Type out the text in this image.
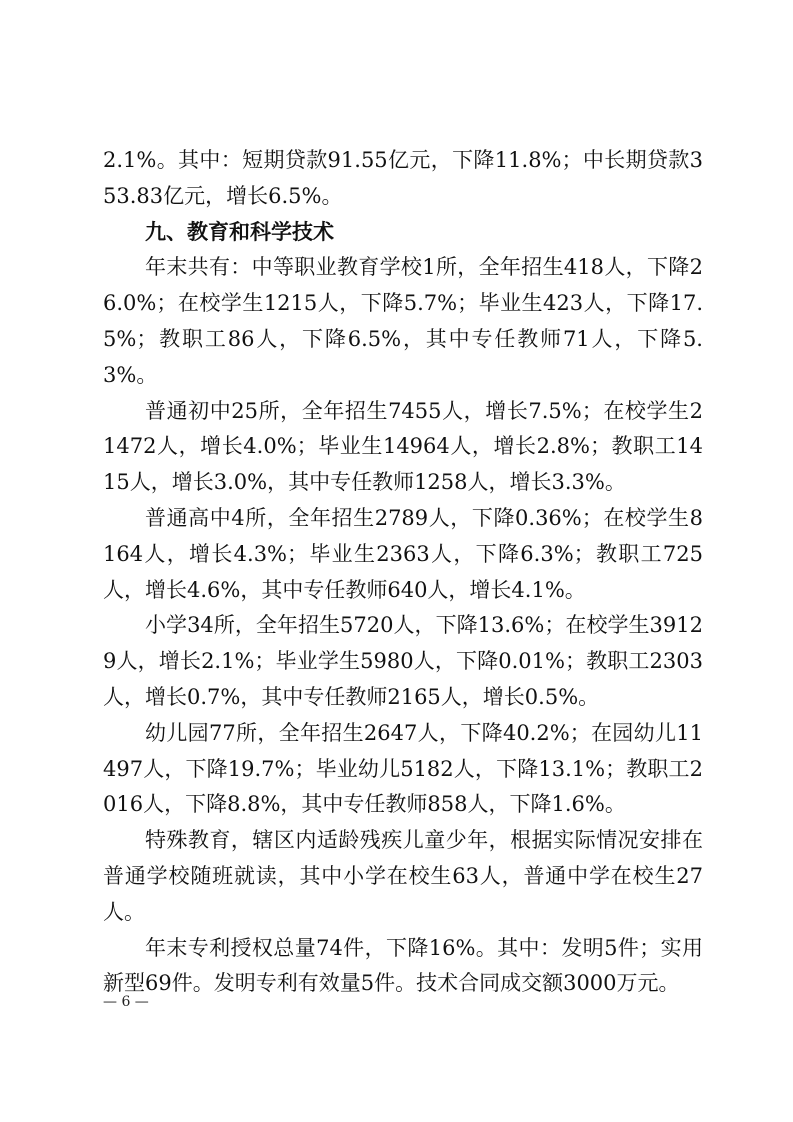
2.1%。其中：短期贷款91.55亿元，下降11.8%；中长期贷款353.83亿元，增长6.5%。

九、教育和科学技术

年末共有：中等职业教育学校1所，全年招生418人，下降26.0%；在校学生1215人，下降5.7%；毕业生423人，下降17.5%；教职工86人，下降6.5%，其中专任教师71人，下降5.3%。

普通初中25所，全年招生7455人，增长7.5%；在校学生21472人，增长4.0%；毕业生14964人，增长2.8%；教职工1415人，增长3.0%，其中专任教师1258人，增长3.3%。

普通高中4所，全年招生2789人，下降0.36%；在校学生8164人，增长4.3%；毕业生2363人，下降6.3%；教职工725人，增长4.6%，其中专任教师640人，增长4.1%。

小学34所，全年招生5720人，下降13.6%；在校学生39129人，增长2.1%；毕业学生5980人，下降0.01%；教职工2303人，增长0.7%，其中专任教师2165人，增长0.5%。

幼儿园77所，全年招生2647人，下降40.2%；在园幼儿11497人，下降19.7%；毕业幼儿5182人，下降13.1%；教职工2016人，下降8.8%，其中专任教师858人，下降1.6%。

特殊教育，辖区内适龄残疾儿童少年，根据实际情况安排在普通学校随班就读，其中小学在校生63人，普通中学在校生27人。

年末专利授权总量74件，下降16%。其中：发明5件；实用新型69件。发明专利有效量5件。技术合同成交额3000万元。

— 6 —
